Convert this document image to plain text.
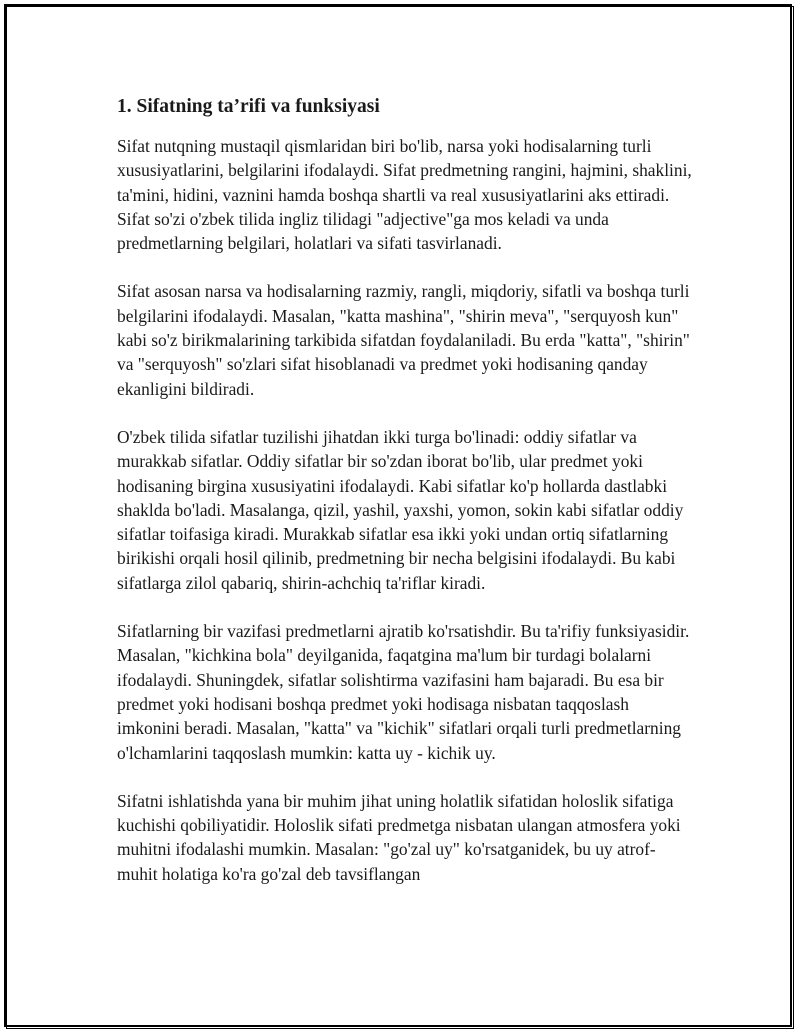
1. Sifatning ta’rifi va funksiyasi

Sifat nutqning mustaqil qismlaridan biri bo'lib, narsa yoki hodisalarning turli xususiyatlarini, belgilarini ifodalaydi. Sifat predmetning rangini, hajmini, shaklini, ta'mini, hidini, vaznini hamda boshqa shartli va real xususiyatlarini aks ettiradi. Sifat so'zi o'zbek tilida ingliz tilidagi "adjective"ga mos keladi va unda predmetlarning belgilari, holatlari va sifati tasvirlanadi.

Sifat asosan narsa va hodisalarning razmiy, rangli, miqdoriy, sifatli va boshqa turli belgilarini ifodalaydi. Masalan, "katta mashina", "shirin meva", "serquyosh kun" kabi so'z birikmalarining tarkibida sifatdan foydalaniladi. Bu erda "katta", "shirin" va "serquyosh" so'zlari sifat hisoblanadi va predmet yoki hodisaning qanday ekanligini bildiradi.

O'zbek tilida sifatlar tuzilishi jihatdan ikki turga bo'linadi: oddiy sifatlar va murakkab sifatlar. Oddiy sifatlar bir so'zdan iborat bo'lib, ular predmet yoki hodisaning birgina xususiyatini ifodalaydi. Kabi sifatlar ko'p hollarda dastlabki shaklda bo'ladi. Masalanga, qizil, yashil, yaxshi, yomon, sokin kabi sifatlar oddiy sifatlar toifasiga kiradi. Murakkab sifatlar esa ikki yoki undan ortiq sifatlarning birikishi orqali hosil qilinib, predmetning bir necha belgisini ifodalaydi. Bu kabi sifatlarga zilol qabariq, shirin-achchiq ta'riflar kiradi.

Sifatlarning bir vazifasi predmetlarni ajratib ko'rsatishdir. Bu ta'rifiy funksiyasidir. Masalan, "kichkina bola" deyilganida, faqatgina ma'lum bir turdagi bolalarni ifodalaydi. Shuningdek, sifatlar solishtirma vazifasini ham bajaradi. Bu esa bir predmet yoki hodisani boshqa predmet yoki hodisaga nisbatan taqqoslash imkonini beradi. Masalan, "katta" va "kichik" sifatlari orqali turli predmetlarning o'lchamlarini taqqoslash mumkin: katta uy - kichik uy.

Sifatni ishlatishda yana bir muhim jihat uning holatlik sifatidan holoslik sifatiga kuchishi qobiliyatidir. Holoslik sifati predmetga nisbatan ulangan atmosfera yoki muhitni ifodalashi mumkin. Masalan: "go'zal uy" ko'rsatganidek, bu uy atrof-muhit holatiga ko'ra go'zal deb tavsiflangan
